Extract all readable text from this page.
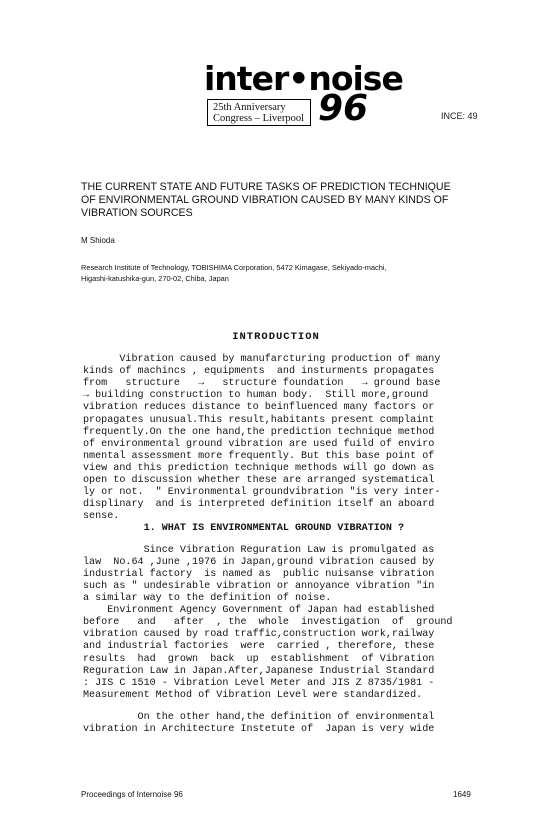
inter•noise
25th Anniversary
Congress – Liverpool 96	INCE: 49
THE CURRENT STATE AND FUTURE TASKS OF PREDICTION TECHNIQUE
OF ENVIRONMENTAL GROUND VIBRATION CAUSED BY MANY KINDS OF
VIBRATION SOURCES
M Shioda
Research Institute of Technology, TOBISHIMA Corporation, 5472 Kimagase, Sekiyado-machi,
Higashi-katushika-gun, 270-02, Chiba, Japan
INTRODUCTION
Vibration caused by manufarcturing production of many
kinds of machincs , equipments  and insturments propagates
from   structure   →   structure foundation   → ground base
→ building construction to human body.  Still more,ground
vibration reduces distance to beinfluenced many factors or
propagates unusual.This result,habitants present complaint
frequently.On the one hand,the prediction technique method
of environmental ground vibration are used fuild of enviro
nmental assessment more frequently. But this base point of
view and this prediction technique methods will go down as
open to discussion whether these are arranged systematical
ly or not.  " Environmental groundvibration "is very inter-
displinary  and is interpreted definition itself an aboard
sense.
1. WHAT IS ENVIRONMENTAL GROUND VIBRATION ?
Since Vibration Reguration Law is promulgated as
law  No.64 ,June ,1976 in Japan,ground vibration caused by
industrial factory  is named as  public nuisanse vibration
such as " undesirable vibration or annoyance vibration "in
a similar way to the definition of noise.
Environment Agency Government of Japan had established
before   and   after  , the  whole  investigation  of  ground
vibration caused by road traffic,construction work,railway
and industrial factories  were  carried , therefore, these
results  had  grown  back  up  establishment  of Vibration
Reguration Law in Japan.After,Japanese Industrial Standard
: JIS C 1510 - Vibration Level Meter and JIS Z 8735/1981 -
Measurement Method of Vibration Level were standardized.
On the other hand,the definition of environmental
vibration in Architecture Instetute of  Japan is very wide
Proceedings of Internoise 96	1649
